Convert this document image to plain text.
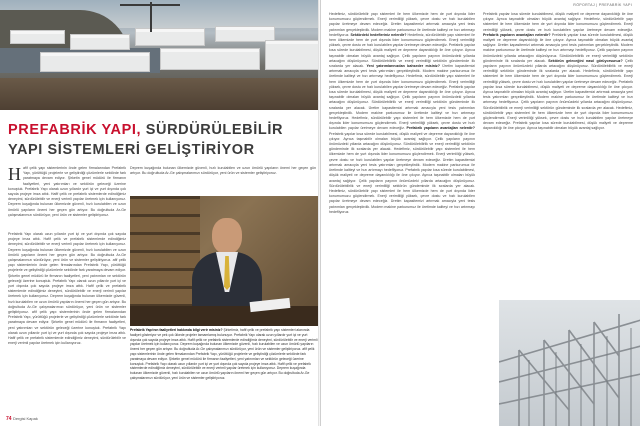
PREFABRİK YAPI, SÜRDÜRÜLEBİLİR
YAPI SİSTEMLERİ GELİŞTİRİYOR
H afif çelik yapı sistemlerinin önde gelen firmalarından Prefabrik Yapı, yürüttüğü projelerle ve geliştirdiği çözümlerle sektörde fark yaratmaya devam ediyor. Şirketin genel müdürü ile firmanın faaliyetleri, yeni yatırımları ve sektörün geleceği üzerine konuştuk. Prefabrik Yapı olarak uzun yıllardır yurt içi ve yurt dışında çok sayıda projeye imza attık. Hafif çelik ve prefabrik sistemlerde edindiğimiz deneyimi, sürdürülebilir ve enerji verimli yapılar üretmek için kullanıyoruz. Deprem kuşağında bulunan ülkemizde güvenli, hızlı kurulabilen ve uzun ömürlü yapıların önemi her geçen gün artıyor. Bu doğrultuda Ar-Ge çalışmalarımızı sürdürüyor, yeni ürün ve sistemler geliştiriyoruz.
Prefabrik Yapı olarak uzun yıllardır yurt içi ve yurt dışında çok sayıda projeye imza attık. Hafif çelik ve prefabrik sistemlerde edindiğimiz deneyimi, sürdürülebilir ve enerji verimli yapılar üretmek için kullanıyoruz. Deprem kuşağında bulunan ülkemizde güvenli, hızlı kurulabilen ve uzun ömürlü yapıların önemi her geçen gün artıyor. Bu doğrultuda Ar-Ge çalışmalarımızı sürdürüyor, yeni ürün ve sistemler geliştiriyoruz. afif çelik yapı sistemlerinin önde gelen firmalarından Prefabrik Yapı, yürüttüğü projelerle ve geliştirdiği çözümlerle sektörde fark yaratmaya devam ediyor. Şirketin genel müdürü ile firmanın faaliyetleri, yeni yatırımları ve sektörün geleceği üzerine konuştuk. Prefabrik Yapı olarak uzun yıllardır yurt içi ve yurt dışında çok sayıda projeye imza attık. Hafif çelik ve prefabrik sistemlerde edindiğimiz deneyimi, sürdürülebilir ve enerji verimli yapılar üretmek için kullanıyoruz. Deprem kuşağında bulunan ülkemizde güvenli, hızlı kurulabilen ve uzun ömürlü yapıların önemi her geçen gün artıyor. Bu doğrultuda Ar-Ge çalışmalarımızı sürdürüyor, yeni ürün ve sistemler geliştiriyoruz. afif çelik yapı sistemlerinin önde gelen firmalarından Prefabrik Yapı, yürüttüğü projelerle ve geliştirdiği çözümlerle sektörde fark yaratmaya devam ediyor. Şirketin genel müdürü ile firmanın faaliyetleri, yeni yatırımları ve sektörün geleceği üzerine konuştuk. Prefabrik Yapı olarak uzun yıllardır yurt içi ve yurt dışında çok sayıda projeye imza attık. Hafif çelik ve prefabrik sistemlerde edindiğimiz deneyimi, sürdürülebilir ve enerji verimli yapılar üretmek için kullanıyoruz.
Deprem kuşağında bulunan ülkemizde güvenli, hızlı kurulabilen ve uzun ömürlü yapıların önemi her geçen gün artıyor. Bu doğrultuda Ar-Ge çalışmalarımızı sürdürüyor, yeni ürün ve sistemler geliştiriyoruz.
Prefabrik Yapı'nın faaliyetleri hakkında bilgi verir misiniz? Şirketimiz, hafif çelik ve prefabrik yapı sistemleri alanında faaliyet gösteriyor ve pek çok ülkede projeler tamamlamış bulunuyor. Prefabrik Yapı olarak uzun yıllardır yurt içi ve yurt dışında çok sayıda projeye imza attık. Hafif çelik ve prefabrik sistemlerde edindiğimiz deneyimi, sürdürülebilir ve enerji verimli yapılar üretmek için kullanıyoruz. Deprem kuşağında bulunan ülkemizde güvenli, hızlı kurulabilen ve uzun ömürlü yapıların önemi her geçen gün artıyor. Bu doğrultuda Ar-Ge çalışmalarımızı sürdürüyor, yeni ürün ve sistemler geliştiriyoruz. afif çelik yapı sistemlerinin önde gelen firmalarından Prefabrik Yapı, yürüttüğü projelerle ve geliştirdiği çözümlerle sektörde fark yaratmaya devam ediyor. Şirketin genel müdürü ile firmanın faaliyetleri, yeni yatırımları ve sektörün geleceği üzerine konuştuk. Prefabrik Yapı olarak uzun yıllardır yurt içi ve yurt dışında çok sayıda projeye imza attık. Hafif çelik ve prefabrik sistemlerde edindiğimiz deneyimi, sürdürülebilir ve enerji verimli yapılar üretmek için kullanıyoruz. Deprem kuşağında bulunan ülkemizde güvenli, hızlı kurulabilen ve uzun ömürlü yapıların önemi her geçen gün artıyor. Bu doğrultuda Ar-Ge çalışmalarımızı sürdürüyor, yeni ürün ve sistemler geliştiriyoruz.
74 Dergisi Kapak
RÖPORTAJ | PREFABRİK YAPI
Hedefimiz, sürdürülebilir yapı sistemleri ile hem ülkemizde hem de yurt dışında lider konumumuzu güçlendirmek. Enerji verimliliği yüksek, çevre dostu ve hızlı kurulabilen yapılar üretmeye devam edeceğiz. Üretim kapasitemizi artırmak amacıyla yeni tesis yatırımları gerçekleştirdik. Modern makine parkurumuz ile üretimde kaliteyi ve hızı artırmayı hedefliyoruz. Sektördeki hedefleriniz nelerdir? Hedefimiz, sürdürülebilir yapı sistemleri ile hem ülkemizde hem de yurt dışında lider konumumuzu güçlendirmek. Enerji verimliliği yüksek, çevre dostu ve hızlı kurulabilen yapılar üretmeye devam edeceğiz. Prefabrik yapılar kısa sürede kurulabilmesi, düşük maliyeti ve depreme dayanıklılığı ile öne çıkıyor. Ayrıca taşınabilir olmaları büyük avantaj sağlıyor. Çelik yapıların payının önümüzdeki yıllarda artacağını düşünüyoruz. Sürdürülebilirlik ve enerji verimliliği sektörün gündeminde ilk sıralarda yer alacak. Yeni yatırımlarınızdan bahseder misiniz? Üretim kapasitemizi artırmak amacıyla yeni tesis yatırımları gerçekleştirdik. Modern makine parkurumuz ile üretimde kaliteyi ve hızı artırmayı hedefliyoruz. Hedefimiz, sürdürülebilir yapı sistemleri ile hem ülkemizde hem de yurt dışında lider konumumuzu güçlendirmek. Enerji verimliliği yüksek, çevre dostu ve hızlı kurulabilen yapılar üretmeye devam edeceğiz. Prefabrik yapılar kısa sürede kurulabilmesi, düşük maliyeti ve depreme dayanıklılığı ile öne çıkıyor. Ayrıca taşınabilir olmaları büyük avantaj sağlıyor. Çelik yapıların payının önümüzdeki yıllarda artacağını düşünüyoruz. Sürdürülebilirlik ve enerji verimliliği sektörün gündeminde ilk sıralarda yer alacak. Üretim kapasitemizi artırmak amacıyla yeni tesis yatırımları gerçekleştirdik. Modern makine parkurumuz ile üretimde kaliteyi ve hızı artırmayı hedefliyoruz. Hedefimiz, sürdürülebilir yapı sistemleri ile hem ülkemizde hem de yurt dışında lider konumumuzu güçlendirmek. Enerji verimliliği yüksek, çevre dostu ve hızlı kurulabilen yapılar üretmeye devam edeceğiz. Prefabrik yapıların avantajları nelerdir? Prefabrik yapılar kısa sürede kurulabilmesi, düşük maliyeti ve depreme dayanıklılığı ile öne çıkıyor. Ayrıca taşınabilir olmaları büyük avantaj sağlıyor. Çelik yapıların payının önümüzdeki yıllarda artacağını düşünüyoruz. Sürdürülebilirlik ve enerji verimliliği sektörün gündeminde ilk sıralarda yer alacak. Hedefimiz, sürdürülebilir yapı sistemleri ile hem ülkemizde hem de yurt dışında lider konumumuzu güçlendirmek. Enerji verimliliği yüksek, çevre dostu ve hızlı kurulabilen yapılar üretmeye devam edeceğiz. Üretim kapasitemizi artırmak amacıyla yeni tesis yatırımları gerçekleştirdik. Modern makine parkurumuz ile üretimde kaliteyi ve hızı artırmayı hedefliyoruz. Prefabrik yapılar kısa sürede kurulabilmesi, düşük maliyeti ve depreme dayanıklılığı ile öne çıkıyor. Ayrıca taşınabilir olmaları büyük avantaj sağlıyor. Çelik yapıların payının önümüzdeki yıllarda artacağını düşünüyoruz. Sürdürülebilirlik ve enerji verimliliği sektörün gündeminde ilk sıralarda yer alacak. Hedefimiz, sürdürülebilir yapı sistemleri ile hem ülkemizde hem de yurt dışında lider konumumuzu güçlendirmek. Enerji verimliliği yüksek, çevre dostu ve hızlı kurulabilen yapılar üretmeye devam edeceğiz. Üretim kapasitemizi artırmak amacıyla yeni tesis yatırımları gerçekleştirdik. Modern makine parkurumuz ile üretimde kaliteyi ve hızı artırmayı hedefliyoruz.
Prefabrik yapılar kısa sürede kurulabilmesi, düşük maliyeti ve depreme dayanıklılığı ile öne çıkıyor. Ayrıca taşınabilir olmaları büyük avantaj sağlıyor. Hedefimiz, sürdürülebilir yapı sistemleri ile hem ülkemizde hem de yurt dışında lider konumumuzu güçlendirmek. Enerji verimliliği yüksek, çevre dostu ve hızlı kurulabilen yapılar üretmeye devam edeceğiz. Prefabrik yapıların avantajları nelerdir? Prefabrik yapılar kısa sürede kurulabilmesi, düşük maliyeti ve depreme dayanıklılığı ile öne çıkıyor. Ayrıca taşınabilir olmaları büyük avantaj sağlıyor. Üretim kapasitemizi artırmak amacıyla yeni tesis yatırımları gerçekleştirdik. Modern makine parkurumuz ile üretimde kaliteyi ve hızı artırmayı hedefliyoruz. Çelik yapıların payının önümüzdeki yıllarda artacağını düşünüyoruz. Sürdürülebilirlik ve enerji verimliliği sektörün gündeminde ilk sıralarda yer alacak. Sektörün geleceğini nasıl görüyorsunuz? Çelik yapıların payının önümüzdeki yıllarda artacağını düşünüyoruz. Sürdürülebilirlik ve enerji verimliliği sektörün gündeminde ilk sıralarda yer alacak. Hedefimiz, sürdürülebilir yapı sistemleri ile hem ülkemizde hem de yurt dışında lider konumumuzu güçlendirmek. Enerji verimliliği yüksek, çevre dostu ve hızlı kurulabilen yapılar üretmeye devam edeceğiz. Prefabrik yapılar kısa sürede kurulabilmesi, düşük maliyeti ve depreme dayanıklılığı ile öne çıkıyor. Ayrıca taşınabilir olmaları büyük avantaj sağlıyor. Üretim kapasitemizi artırmak amacıyla yeni tesis yatırımları gerçekleştirdik. Modern makine parkurumuz ile üretimde kaliteyi ve hızı artırmayı hedefliyoruz. Çelik yapıların payının önümüzdeki yıllarda artacağını düşünüyoruz. Sürdürülebilirlik ve enerji verimliliği sektörün gündeminde ilk sıralarda yer alacak. Hedefimiz, sürdürülebilir yapı sistemleri ile hem ülkemizde hem de yurt dışında lider konumumuzu güçlendirmek. Enerji verimliliği yüksek, çevre dostu ve hızlı kurulabilen yapılar üretmeye devam edeceğiz. Prefabrik yapılar kısa sürede kurulabilmesi, düşük maliyeti ve depreme dayanıklılığı ile öne çıkıyor. Ayrıca taşınabilir olmaları büyük avantaj sağlıyor.
